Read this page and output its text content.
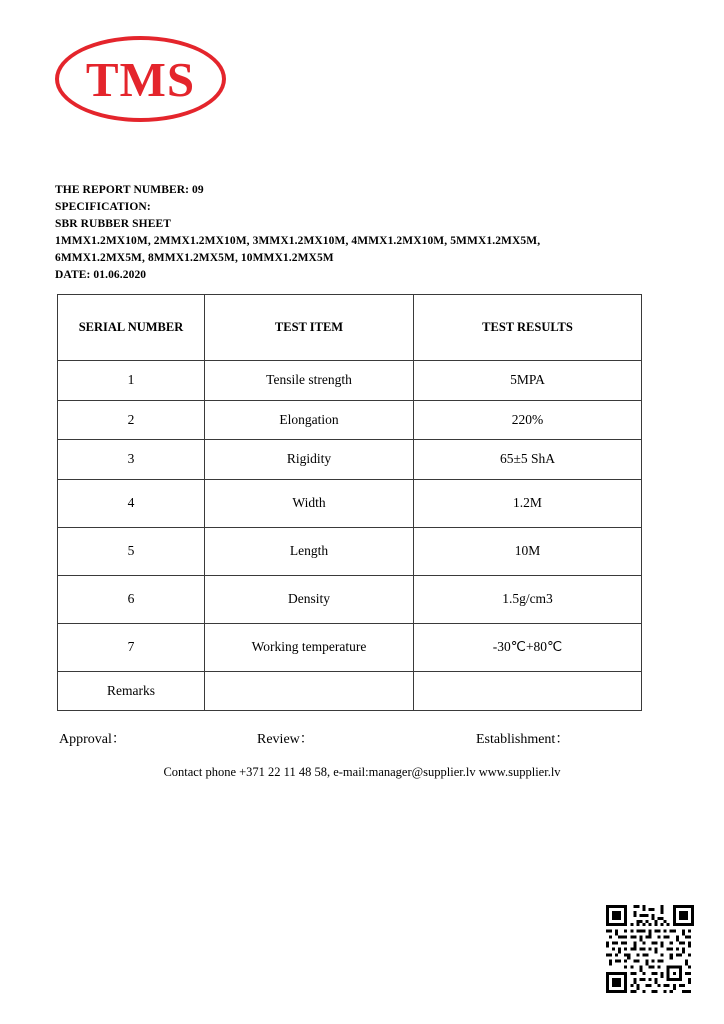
TMS
THE REPORT NUMBER: 09
SPECIFICATION:
SBR RUBBER SHEET
1MMX1.2MX10M, 2MMX1.2MX10M, 3MMX1.2MX10M, 4MMX1.2MX10M, 5MMX1.2MX5M,
6MMX1.2MX5M, 8MMX1.2MX5M, 10MMX1.2MX5M
DATE: 01.06.2020
SERIAL NUMBER	TEST ITEM	TEST RESULTS
1	Tensile strength	5MPA
2	Elongation	220%
3	Rigidity	65±5 ShA
4	Width	1.2M
5	Length	10M
6	Density	1.5g/cm3
7	Working temperature	-30℃+80℃
Remarks		
Approval：	Review：	Establishment：
Contact phone +371 22 11 48 58, e-mail:manager@supplier.lv www.supplier.lv
